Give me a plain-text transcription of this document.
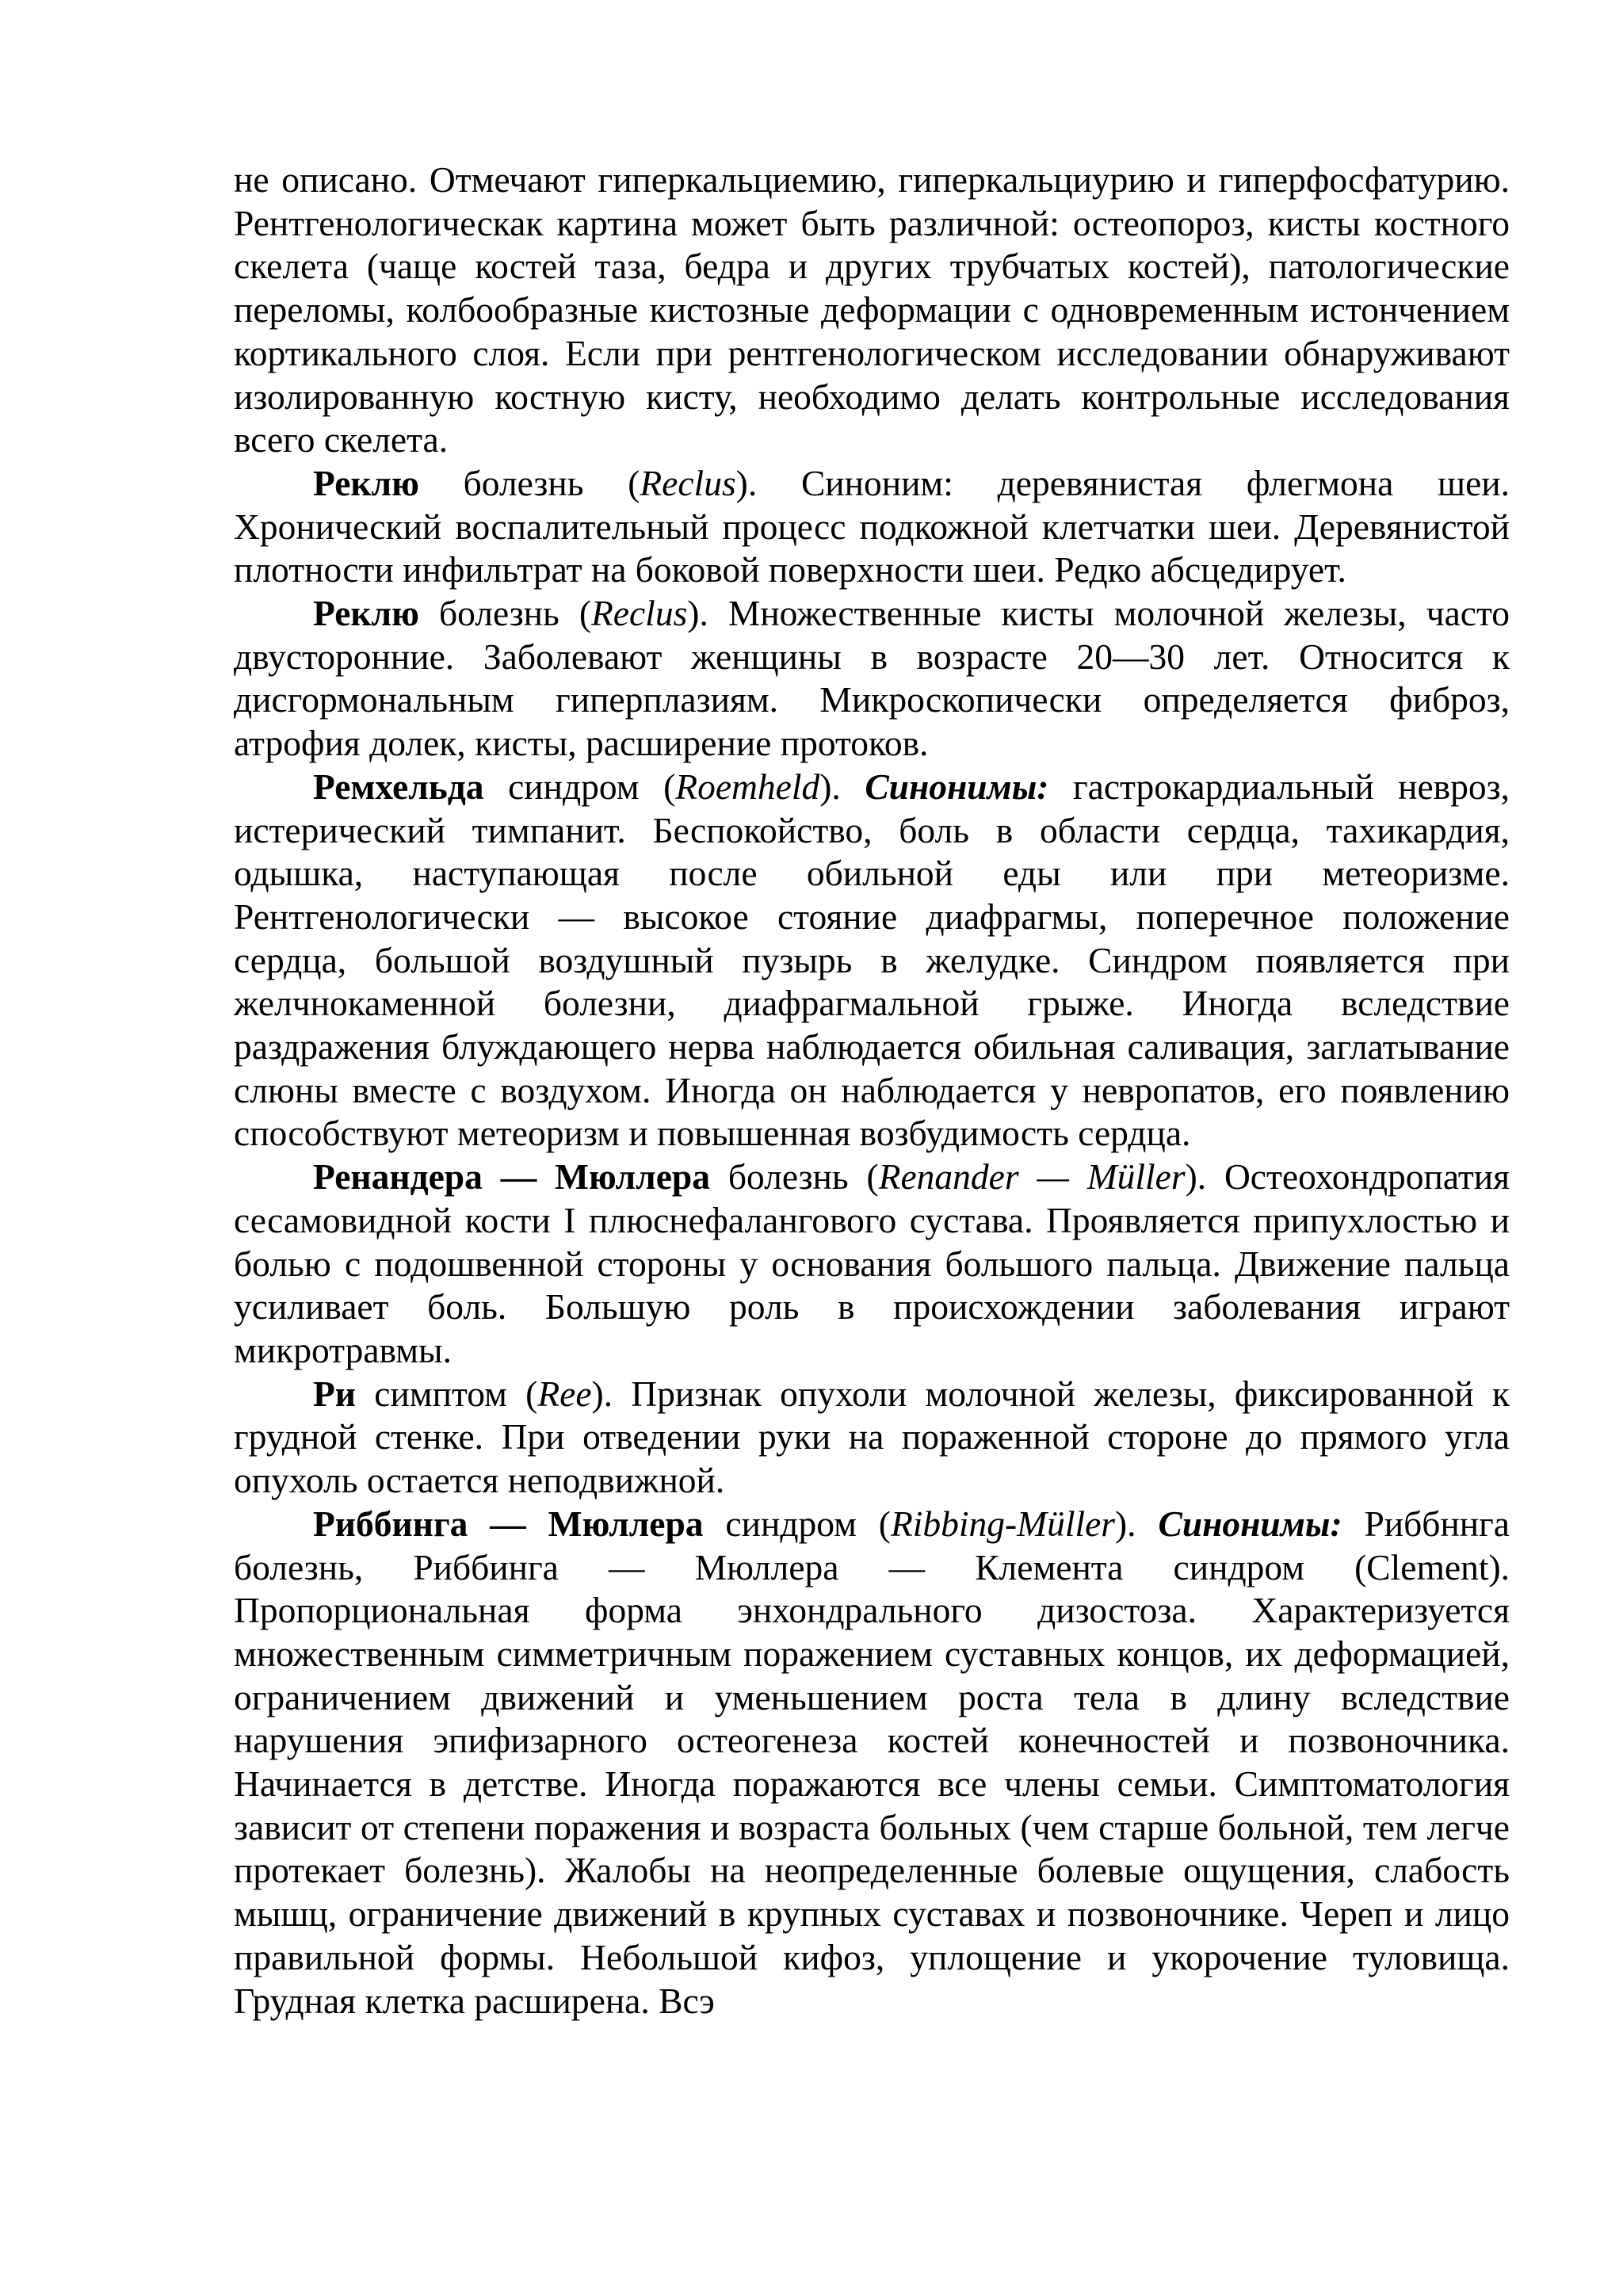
не описано. Отмечают гиперкальциемию, гиперкальциурию и гиперфосфатурию. Рентгенологическак картина может быть различной: остеопороз, кисты костного скелета (чаще костей таза, бедра и других трубчатых костей), патологические переломы, колбообразные кистозные деформации с одновременным истончением кортикального слоя. Если при рентгенологическом исследовании обнаруживают изолированную костную кисту, необходимо делать контрольные исследования всего скелета.

Реклю болезнь (Reclus). Синоним: деревянистая флегмона шеи. Хронический воспалительный процесс подкожной клетчатки шеи. Деревянистой плотности инфильтрат на боковой поверхности шеи. Редко абсцедирует.

Реклю болезнь (Reclus). Множественные кисты молочной железы, часто двусторонние. Заболевают женщины в возрасте 20—30 лет. Относится к дисгормональным гиперплазиям. Микроскопически определяется фиброз, атрофия долек, кисты, расширение протоков.

Ремхельда синдром (Roemheld). Синонимы: гастрокардиальный невроз, истерический тимпанит. Беспокойство, боль в области сердца, тахикардия, одышка, наступающая после обильной еды или при метеоризме. Рентгенологически — высокое стояние диафрагмы, поперечное положение сердца, большой воздушный пузырь в желудке. Синдром появляется при желчнокаменной болезни, диафрагмальной грыже. Иногда вследствие раздражения блуждающего нерва наблюдается обильная саливация, заглатывание слюны вместе с воздухом. Иногда он наблюдается у невропатов, его появлению способствуют метеоризм и повышенная возбудимость сердца.

Ренандера — Мюллера болезнь (Renander — Müller). Остеохондропатия сесамовидной кости I плюснефалангового сустава. Проявляется припухлостью и болью с подошвенной стороны у основания большого пальца. Движение пальца усиливает боль. Большую роль в происхождении заболевания играют микротравмы.

Ри симптом (Ree). Признак опухоли молочной железы, фиксированной к грудной стенке. При отведении руки на пораженной стороне до прямого угла опухоль остается неподвижной.

Риббинга — Мюллера синдром (Ribbing-Müller). Синонимы: Риббннга болезнь, Риббинга — Мюллера — Клемента синдром (Clement). Пропорциональная форма энхондрального дизостоза. Характеризуется множественным симметричным поражением суставных концов, их деформацией, ограничением движений и уменьшением роста тела в длину вследствие нарушения эпифизарного остеогенеза костей конечностей и позвоночника. Начинается в детстве. Иногда поражаются все члены семьи. Симптоматология зависит от степени поражения и возраста больных (чем старше больной, тем легче протекает болезнь). Жалобы на неопределенные болевые ощущения, слабость мышц, ограничение движений в крупных суставах и позвоночнике. Череп и лицо правильной формы. Небольшой кифоз, уплощение и укорочение туловища. Грудная клетка расширена. Всэ
